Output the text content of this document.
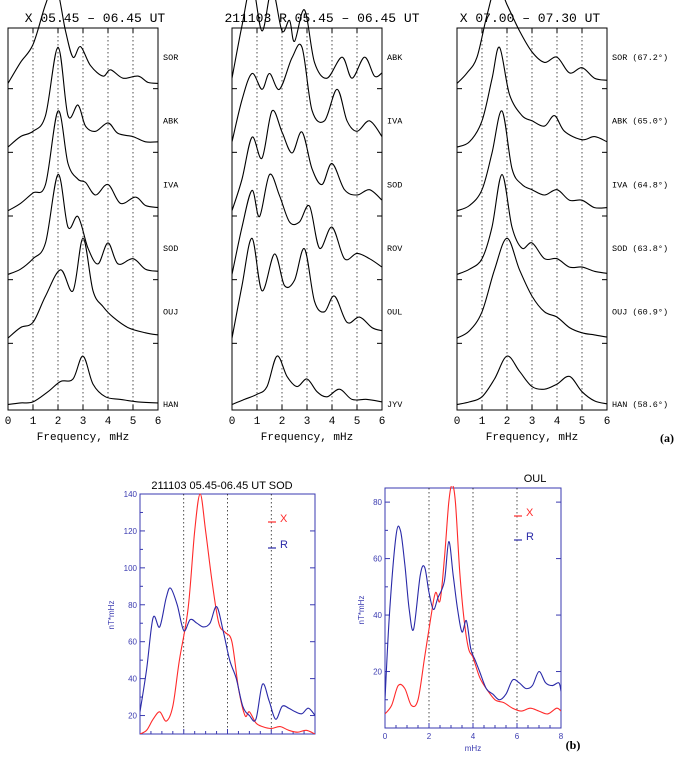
X 05.45 – 06.45 UT
0 1 2 3 4 5 6
SOR
ABK
IVA
SOD
OUJ
HAN
Frequency, mHz
211103 R 05.45 – 06.45 UT
0 1 2 3 4 5 6
ABK
IVA
SOD
ROV
OUL
JYV
Frequency, mHz
X 07.00 – 07.30 UT
0 1 2 3 4 5 6
SOR (67.2°)
ABK (65.0°)
IVA (64.8°)
SOD (63.8°)
OUJ (60.9°)
HAN (58.6°)
Frequency, mHz	(a)
211103 05.45-06.45 UT SOD
20
40
60
80
100
120
140
X
R
nT*mHz
OUL
20
40
60
80
0	2	4	6	8
X
R
nT*mHz
mHz	(b)
